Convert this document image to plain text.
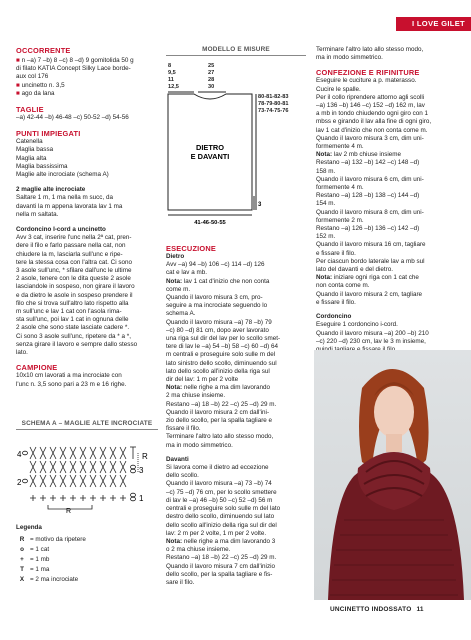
I LOVE GILET

OCCORRENTE

■ n –a) 7 –b) 8 –c) 8 –d) 9 gomitolida 50 g

di filato KATIA Concept Silky Lace borde-

aux col 176

■ uncinetto n. 3,5

■ ago da lana

TAGLIE

–a) 42-44 –b) 46-48 –c) 50-52 –d) 54-56

PUNTI IMPIEGATI

Catenella

Maglia bassa

Maglia alta

Maglia bassissima

Maglie alte incrociate (schema A)

2 maglie alte incrociate

Saltare 1 m, 1 ma nella m succ, da

davanti la m appena lavorata lav 1 ma

nella m saltata.

Cordoncino I-cord a uncinetto

Avv 3 cat, inserire l'unc nella 2ª cat, pren-

dere il filo e farlo passare nella cat, non

chiudere la m, lasciarla sull'unc e ripe-

tere la stessa cosa con l'altra cat. Ci sono

3 asole sull'unc, * sfilare dall'unc le ultime

2 asole, tenere con le dita queste 2 asole

lasciandole in sospeso, non girare il lavoro

e da dietro le asole in sospeso prendere il

filo che si trova sull'altro lato rispetto alla

m sull'unc e lav 1 cat con l'asola rima-

sta sull'unc, poi lav 1 cat in ognuna delle

2 asole che sono state lasciate cadere *.

Ci sono 3 asole sull'unc, ripetere da * a *,

senza girare il lavoro e sempre dallo stesso

lato.

CAMPIONE

10x10 cm lavorati a ma incrociate con

l'unc n. 3,5 sono pari a 23 m e 16 righe.

SCHEMA A – MAGLIE ALTE INCROCIATE
4
2
3
1
R
R

Legenda

R = motivo da ripetere
o = 1 cat
+ = 1 mb
T = 1 ma
X = 2 ma incrociate
MODELLO E MISURE
8
9,5
11
12,5
25
27
28
30
80-81-82-83
78-79-80-81
73-74-75-76
DIETRO
E DAVANTI
3
41-46-50-55

ESECUZIONE

Dietro

Avv –a) 94 –b) 106 –c) 114 –d) 126

cat e lav a mb.

Nota: lav 1 cat d'inizio che non conta

come m.

Quando il lavoro misura 3 cm, pro-

seguire a ma incrociate seguendo lo

schema A.

Quando il lavoro misura –a) 78 –b) 79

–c) 80 –d) 81 cm, dopo aver lavorato

una riga sul dir del lav per lo scollo smet-

tere di lav le –a) 54 –b) 58 –c) 60 –d) 64

m centrali e proseguire solo sulle m del

lato sinistro dello scollo, diminuendo sul

lato dello scollo all'inizio della riga sul

dir del lav: 1 m per 2 volte

Nota: nelle righe a ma dim lavorando

2 ma chiuse insieme.

Restano –a) 18 –b) 22 –c) 25 –d) 29 m.

Quando il lavoro misura 2 cm dall'ini-

zio dello scollo, per la spalla tagliare e

fissare il filo.

Terminare l'altro lato allo stesso modo,

ma in modo simmetrico.

Davanti

Si lavora come il dietro ad eccezione

dello scollo.

Quando il lavoro misura –a) 73 –b) 74

–c) 75 –d) 76 cm, per lo scollo smettere

di lav le –a) 46 –b) 50 –c) 52 –d) 56 m

centrali e proseguire solo sulle m del lato

destro dello scollo, diminuendo sul lato

dello scollo all'inizio della riga sul dir del

lav: 2 m per 2 volte, 1 m per 2 volte.

Nota: nelle righe a ma dim lavorando 3

o 2 ma chiuse insieme.

Restano –a) 18 –b) 22 –c) 25 –d) 29 m.

Quando il lavoro misura 7 cm dall'inizio

dello scollo, per la spalla tagliare e fis-

sare il filo.

Terminare l'altro lato allo stesso modo,

ma in modo simmetrico.

CONFEZIONE E RIFINITURE

Eseguire le cuciture a p. materasso.

Cucire le spalle.

Per il collo riprendere attorno agli scolli

–a) 136 –b) 146 –c) 152 –d) 162 m, lav

a mb in tondo chiudendo ogni giro con 1

mbss e girando il lav alla fine di ogni giro,

lav 1 cat d'inizio che non conta come m.

Quando il lavoro misura 3 cm, dim uni-

formemente 4 m.

Nota: lav 2 mb chiuse insieme

Restano –a) 132 –b) 142 –c) 148 –d)

158 m.

Quando il lavoro misura 6 cm, dim uni-

formemente 4 m.

Restano –a) 128 –b) 138 –c) 144 –d)

154 m.

Quando il lavoro misura 8 cm, dim uni-

formemente 2 m.

Restano –a) 126 –b) 136 –c) 142 –d)

152 m.

Quando il lavoro misura 16 cm, tagliare

e fissare il filo.

Per ciascun bordo laterale lav a mb sul

lato del davanti e del dietro.

Nota: iniziare ogni riga con 1 cat che

non conta come m.

Quando il lavoro misura 2 cm, tagliare

e fissare il filo.

Cordoncino

Eseguire 1 cordoncino i-cord.

Quando il lavoro misura –a) 200 –b) 210

–c) 220 –d) 230 cm, lav le 3 m insieme,

UNCINETTO INDOSSATO 11
